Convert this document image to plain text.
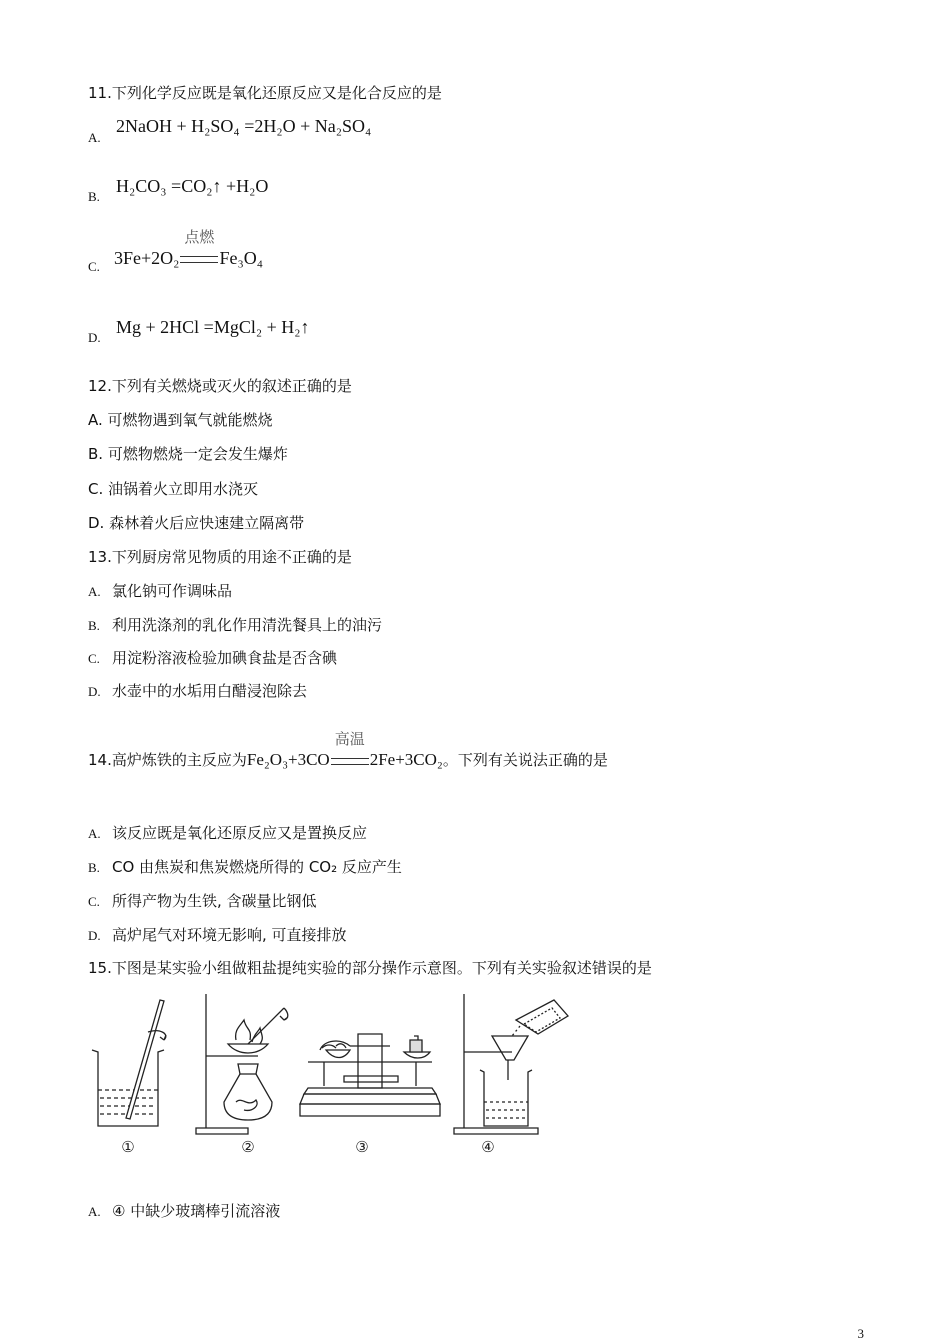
11.下列化学反应既是氧化还原反应又是化合反应的是
A.
2NaOH + H₂SO₄ =2H₂O + Na₂SO₄
B.
H₂CO₃ =CO₂↑ +H₂O
C. 3Fe+2O₂
点燃
Fe₃O₄
D.
Mg + 2HCl =MgCl₂ + H₂↑
12.下列有关燃烧或灭火的叙述正确的是
A. 可燃物遇到氧气就能燃烧
B. 可燃物燃烧一定会发生爆炸
C. 油锅着火立即用水浇灭
D. 森林着火后应快速建立隔离带
13.下列厨房常见物质的用途不正确的是
A. 氯化钠可作调味品
B. 利用洗涤剂的乳化作用清洗餐具上的油污
C. 用淀粉溶液检验加碘食盐是否含碘
D. 水壶中的水垢用白醋浸泡除去
14.高炉炼铁的主反应为Fe₂O₃+3CO
高温
2Fe+3CO₂。下列有关说法正确的是
A. 该反应既是氧化还原反应又是置换反应
B. CO 由焦炭和焦炭燃烧所得的 CO₂ 反应产生
C. 所得产物为生铁, 含碳量比钢低
D. 高炉尾气对环境无影响, 可直接排放
15.下图是某实验小组做粗盐提纯实验的部分操作示意图。下列有关实验叙述错误的是
①	②	③	④
A. ④ 中缺少玻璃棒引流溶液
3
